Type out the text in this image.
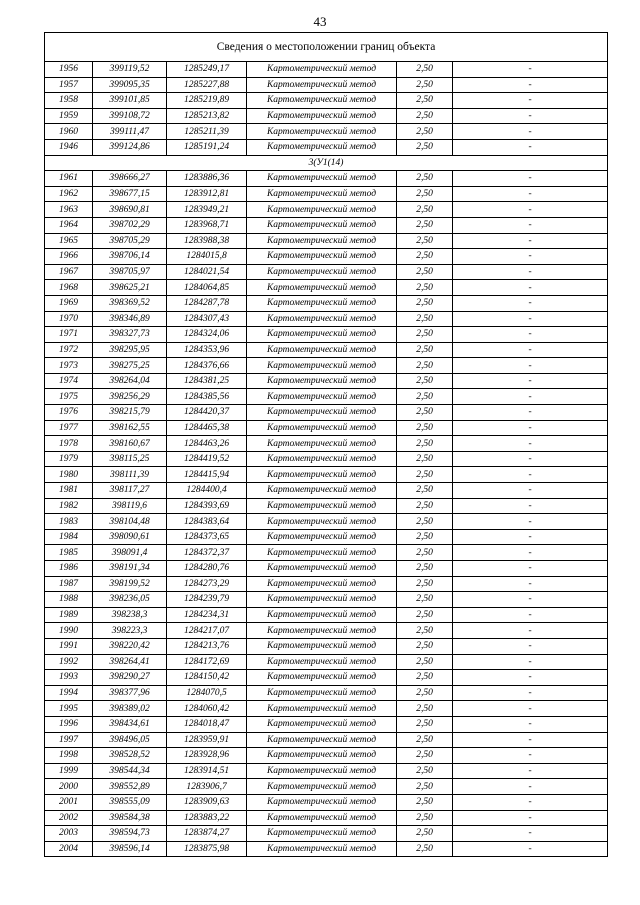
43
Сведения о местоположении границ объекта					
1956	399119,52	1285249,17	Картометрический метод	2,50	-
1957	399095,35	1285227,88	Картометрический метод	2,50	-
1958	399101,85	1285219,89	Картометрический метод	2,50	-
1959	399108,72	1285213,82	Картометрический метод	2,50	-
1960	399111,47	1285211,39	Картометрический метод	2,50	-
1946	399124,86	1285191,24	Картометрический метод	2,50	-
3(У1(14)					
1961	398666,27	1283886,36	Картометрический метод	2,50	-
1962	398677,15	1283912,81	Картометрический метод	2,50	-
1963	398690,81	1283949,21	Картометрический метод	2,50	-
1964	398702,29	1283968,71	Картометрический метод	2,50	-
1965	398705,29	1283988,38	Картометрический метод	2,50	-
1966	398706,14	1284015,8	Картометрический метод	2,50	-
1967	398705,97	1284021,54	Картометрический метод	2,50	-
1968	398625,21	1284064,85	Картометрический метод	2,50	-
1969	398369,52	1284287,78	Картометрический метод	2,50	-
1970	398346,89	1284307,43	Картометрический метод	2,50	-
1971	398327,73	1284324,06	Картометрический метод	2,50	-
1972	398295,95	1284353,96	Картометрический метод	2,50	-
1973	398275,25	1284376,66	Картометрический метод	2,50	-
1974	398264,04	1284381,25	Картометрический метод	2,50	-
1975	398256,29	1284385,56	Картометрический метод	2,50	-
1976	398215,79	1284420,37	Картометрический метод	2,50	-
1977	398162,55	1284465,38	Картометрический метод	2,50	-
1978	398160,67	1284463,26	Картометрический метод	2,50	-
1979	398115,25	1284419,52	Картометрический метод	2,50	-
1980	398111,39	1284415,94	Картометрический метод	2,50	-
1981	398117,27	1284400,4	Картометрический метод	2,50	-
1982	398119,6	1284393,69	Картометрический метод	2,50	-
1983	398104,48	1284383,64	Картометрический метод	2,50	-
1984	398090,61	1284373,65	Картометрический метод	2,50	-
1985	398091,4	1284372,37	Картометрический метод	2,50	-
1986	398191,34	1284280,76	Картометрический метод	2,50	-
1987	398199,52	1284273,29	Картометрический метод	2,50	-
1988	398236,05	1284239,79	Картометрический метод	2,50	-
1989	398238,3	1284234,31	Картометрический метод	2,50	-
1990	398223,3	1284217,07	Картометрический метод	2,50	-
1991	398220,42	1284213,76	Картометрический метод	2,50	-
1992	398264,41	1284172,69	Картометрический метод	2,50	-
1993	398290,27	1284150,42	Картометрический метод	2,50	-
1994	398377,96	1284070,5	Картометрический метод	2,50	-
1995	398389,02	1284060,42	Картометрический метод	2,50	-
1996	398434,61	1284018,47	Картометрический метод	2,50	-
1997	398496,05	1283959,91	Картометрический метод	2,50	-
1998	398528,52	1283928,96	Картометрический метод	2,50	-
1999	398544,34	1283914,51	Картометрический метод	2,50	-
2000	398552,89	1283906,7	Картометрический метод	2,50	-
2001	398555,09	1283909,63	Картометрический метод	2,50	-
2002	398584,38	1283883,22	Картометрический метод	2,50	-
2003	398594,73	1283874,27	Картометрический метод	2,50	-
2004	398596,14	1283875,98	Картометрический метод	2,50	-
